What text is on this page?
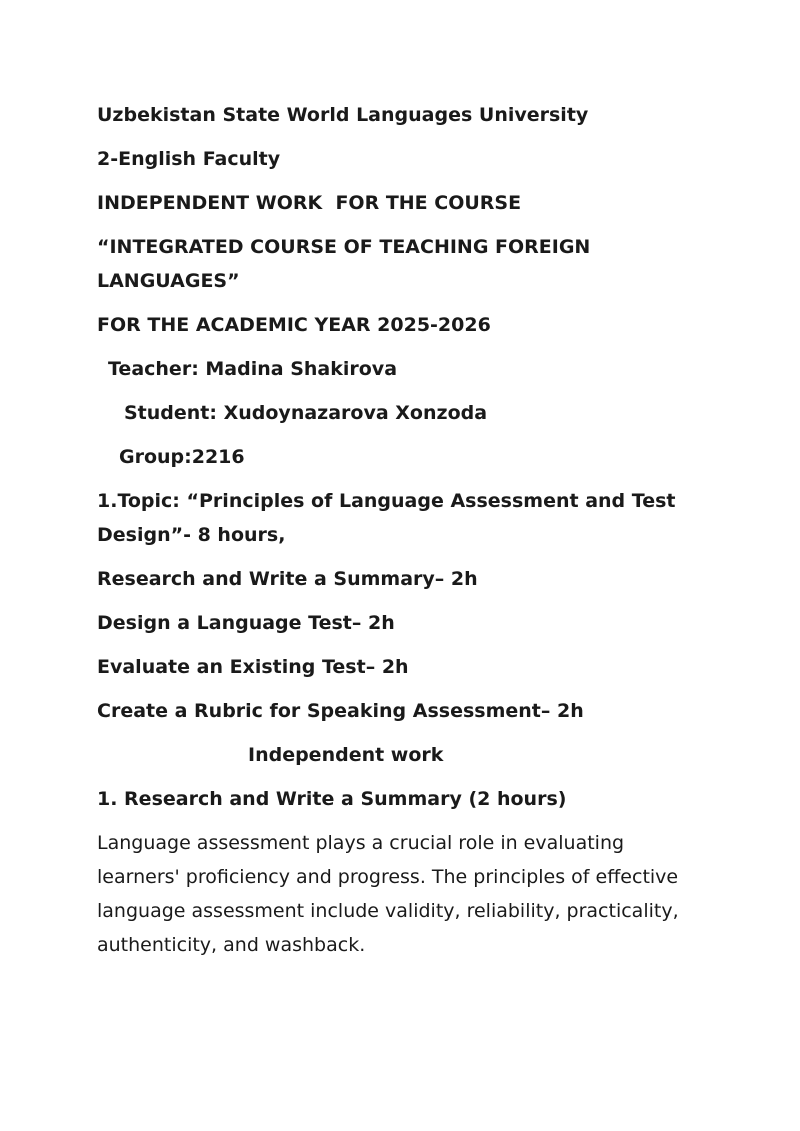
Uzbekistan State World Languages University

2-English Faculty

INDEPENDENT WORK  FOR THE COURSE

“INTEGRATED COURSE OF TEACHING FOREIGN LANGUAGES”

FOR THE ACADEMIC YEAR 2025-2026

Teacher: Madina Shakirova

Student: Xudoynazarova Xonzoda

Group:2216

1.Topic: “Principles of Language Assessment and Test Design”- 8 hours,

Research and Write a Summary– 2h

Design a Language Test– 2h

Evaluate an Existing Test– 2h

Create a Rubric for Speaking Assessment– 2h

Independent work

1. Research and Write a Summary (2 hours)

Language assessment plays a crucial role in evaluating learners' proficiency and progress. The principles of effective language assessment include validity, reliability, practicality, authenticity, and washback.
